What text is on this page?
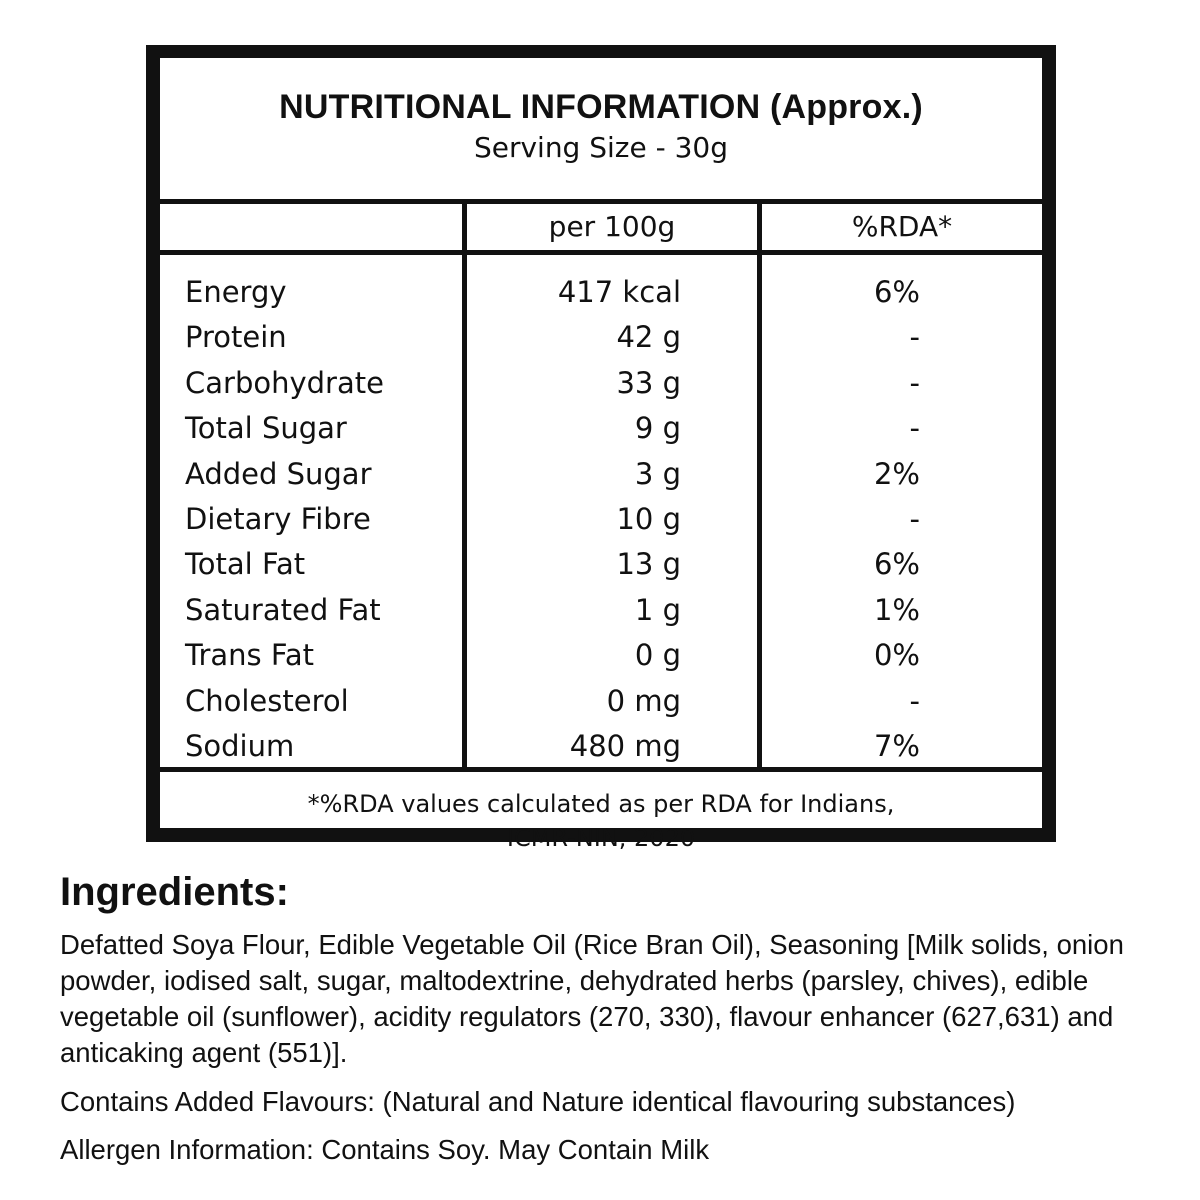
NUTRITIONAL INFORMATION (Approx.)
Serving Size - 30g
per 100g	%RDA*
Energy
Protein
Carbohydrate
Total Sugar
Added Sugar
Dietary Fibre
Total Fat
Saturated Fat
Trans Fat
Cholesterol
Sodium
417 kcal
42 g
33 g
9 g
3 g
10 g
13 g
1 g
0 g
0 mg
480 mg
6%
-
-
-
2%
-
6%
1%
0%
-
7%
*%RDA values calculated as per RDA for Indians,
ICMR-NIN, 2020
Ingredients:
Defatted Soya Flour, Edible Vegetable Oil (Rice Bran Oil), Seasoning [Milk solids, onion powder, iodised salt, sugar, maltodextrine, dehydrated herbs (parsley, chives), edible vegetable oil (sunflower), acidity regulators (270, 330), flavour enhancer (627,631) and anticaking agent (551)].
Contains Added Flavours: (Natural and Nature identical flavouring substances)
Allergen Information: Contains Soy. May Contain Milk
